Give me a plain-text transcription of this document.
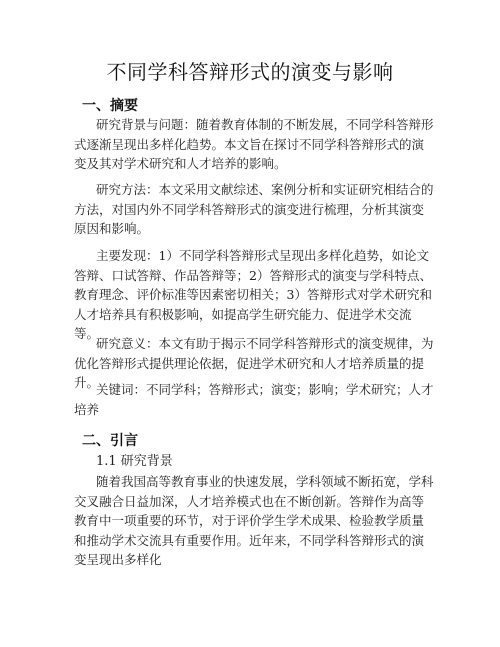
不同学科答辩形式的演变与影响
一、摘要
研究背景与问题：随着教育体制的不断发展，不同学科答辩形式逐渐呈现出多样化趋势。本文旨在探讨不同学科答辩形式的演变及其对学术研究和人才培养的影响。
研究方法：本文采用文献综述、案例分析和实证研究相结合的方法，对国内外不同学科答辩形式的演变进行梳理，分析其演变原因和影响。
主要发现：1）不同学科答辩形式呈现出多样化趋势，如论文答辩、口试答辩、作品答辩等；2）答辩形式的演变与学科特点、教育理念、评价标准等因素密切相关；3）答辩形式对学术研究和人才培养具有积极影响，如提高学生研究能力、促进学术交流等。
研究意义：本文有助于揭示不同学科答辩形式的演变规律，为优化答辩形式提供理论依据，促进学术研究和人才培养质量的提升。
关键词：不同学科；答辩形式；演变；影响；学术研究；人才培养
二、引言
1.1 研究背景
随着我国高等教育事业的快速发展，学科领域不断拓宽，学科交叉融合日益加深，人才培养模式也在不断创新。答辩作为高等教育中一项重要的环节，对于评价学生学术成果、检验教学质量和推动学术交流具有重要作用。近年来，不同学科答辩形式的演变呈现出多样化
